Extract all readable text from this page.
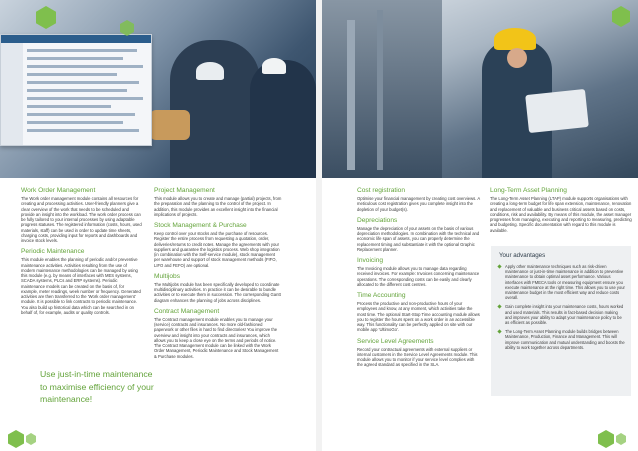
Work Order Management
The Work order management module contains all resources for creating and processing activities. User-friendly planners give a clear overview of the work that needs to be scheduled and provide an insight into the workload. The work order process can be fully tailored to your internal processes by using adaptable progress statuses. The registered information (costs, hours, used materials, staff) can be used in order to update time sheets, charging costs, providing input for reports and dashboards and invoice stock levels.
Periodic Maintenance
This module enables the planning of periodic and/or preventive maintenance activities. Activities resulting from the use of modern maintenance methodologies can be managed by using this module (e.g. by means of interfaces with MES systems, SCADA systems, PLCs and ERP systems). Periodic maintenance models can be created on the basis of, for example, meter readings, week number or frequency. Generated activities are then transferred to the 'Work order management' module. It is possible to link contracts to periodic maintenance. You also build up historical data which can be searched in on behalf of, for example, audits or quality controls.
Project Management
This module allows you to create and manage (partial) projects, from the preparation and the planning to the control of the project. In addition, this module provides an excellent insight into the financial implications of projects.
Stock Management & Purchase
Keep control over your stocks and the purchase of resources. Register the entire process from requesting a quotation, order, deliveries/returns to credit notes. Manage the agreements with your suppliers and guarantee the logistics process. Web shop integration (in combination with the Self-service module), stock management per warehouse and support of stock management methods (FIFO, LIFO and FEFO) are optional.
Multijobs
The Multijobs module has been specifically developed to coordinate multidisciplinary activities. In practice it can be desirable to bundle activities or to execute them in succession. The corresponding Gantt diagram enhances the planning of jobs across disciplines.
Contract Management
The Contract management module enables you to manage your (service) contracts and insurances. No more old-fashioned paperwork or other files in hard to find directories! You improve the overview and insight into your contracts and insurances, which allows you to keep a close eye on the terms and periods of notice. The Contract Management module can be linked with the Work Order Management, Periodic Maintenance and Stock Management & Purchase modules.
Cost registration
Optimise your financial management by creating cost overviews. A meticulous cost registration gives you complete insight into the depletion of your budget(s).
Depreciations
Manage the depreciation of your assets on the basis of various depreciation methodologies. In combination with the technical and economic life span of assets, you can properly determine the replacement timing and substantiate it with the optional Graphic Replacement planner.
Invoicing
The Invoicing module allows you to manage data regarding received invoices. For example: Invoices concerning maintenance operations. The corresponding costs can be easily and clearly allocated to the different cost centres.
Time Accounting
Process the productive and non-productive hours of your employees and know, at any moment, which activities take the most time. The optional Start-Stop Time accounting module allows you to register the hours spent on a work order in an accessible way. This functionality can be perfectly applied on site with our mobile app 'UltimoGo'.
Service Level Agreements
Record your contractual agreements with external suppliers or internal customers in the Service Level Agreements module. This module allows you to monitor if your service level complies with the agreed standard as specified in the SLA.
Long-Term Asset Planning
The Long-Term Asset Planning (LTAP) module supports organisations with creating a long-term budget for life span extension, maintenance, renovation and replacement of valuable and business critical assets based on costs, conditions, risk and availability. By means of this module, the asset manager progresses from managing, executing and reporting to measuring, predicting and budgeting. Specific documentation with regard to this module is available.
Your advantages
Apply other maintenance techniques such as risk-driven maintenance or just-in-time maintenance in addition to preventive maintenance to obtain optimal asset performance. Various interfaces with FMECA tools or measuring equipment ensure you execute maintenance at the right time. This allows you to use your maintenance budget in the most efficient way and reduce costs overall.
Gain complete insight into your maintenance costs, hours worked and used materials. This results in fact-based decision making and improves your ability to adapt your maintenance policy to be as efficient as possible.
The Long-Term Asset Planning module builds bridges between Maintenance, Production, Finance and Management. This will improve communication and mutual understanding and boosts the ability to work together across departments.
Use just-in-time maintenance to maximise efficiency of your maintenance!
